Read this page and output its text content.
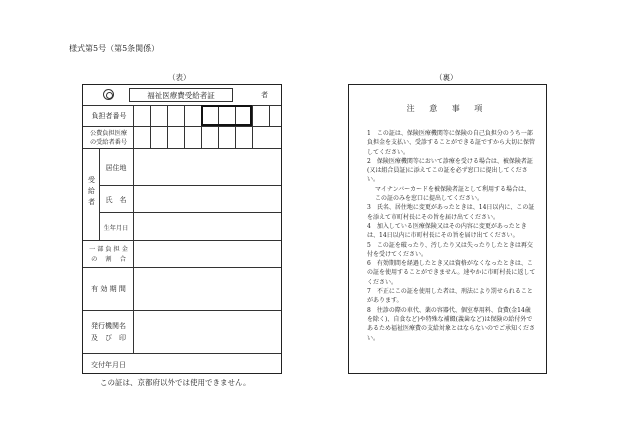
様式第5号（第5条関係）
（表）	（裏）
福祉医療費受給者証	者
負担者番号
公費負担医療
の受給者番号
受給者
居住地
氏　名
生年月日
一 部 負 担 金
の　 割　 合
有 効 期 間
発行機関名
及　び　印
交付年月日
この証は、京都府以外では使用できません。
注 意 事 項

1　この証は、保険医療機関等に保険の自己負担分のうち一部負担金を支払い、受診することができる証ですから大切に保管してください。

2　保険医療機関等において診療を受ける場合は、被保険者証(又は組合員証)に添えてこの証を必ず窓口に提出してください。

マイナンバーカードを被保険者証として利用する場合は、この証のみを窓口に提出してください。

3　氏名、居住地に変更があったときは、14日以内に、この証を添えて市町村長にその旨を届け出てください。

4　加入している医療保険又はその内容に変更があったときは、14日以内に市町村長にその旨を届け出てください。

5　この証を破ったり、汚したり又は失ったりしたときは再交付を受けてください。

6　有効期間を経過したとき又は資格がなくなったときは、この証を使用することができません。速やかに市町村長に返してください。

7　不正にこの証を使用した者は、刑法により罰せられることがあります。

8　往診の際の車代、薬の容器代、個室専用料、食費(金14歳を除く)、自食など)や特殊な補綴(義歯など)は保険の給付外であるため福祉医療費の支給対象とはならないのでご承知ください。
